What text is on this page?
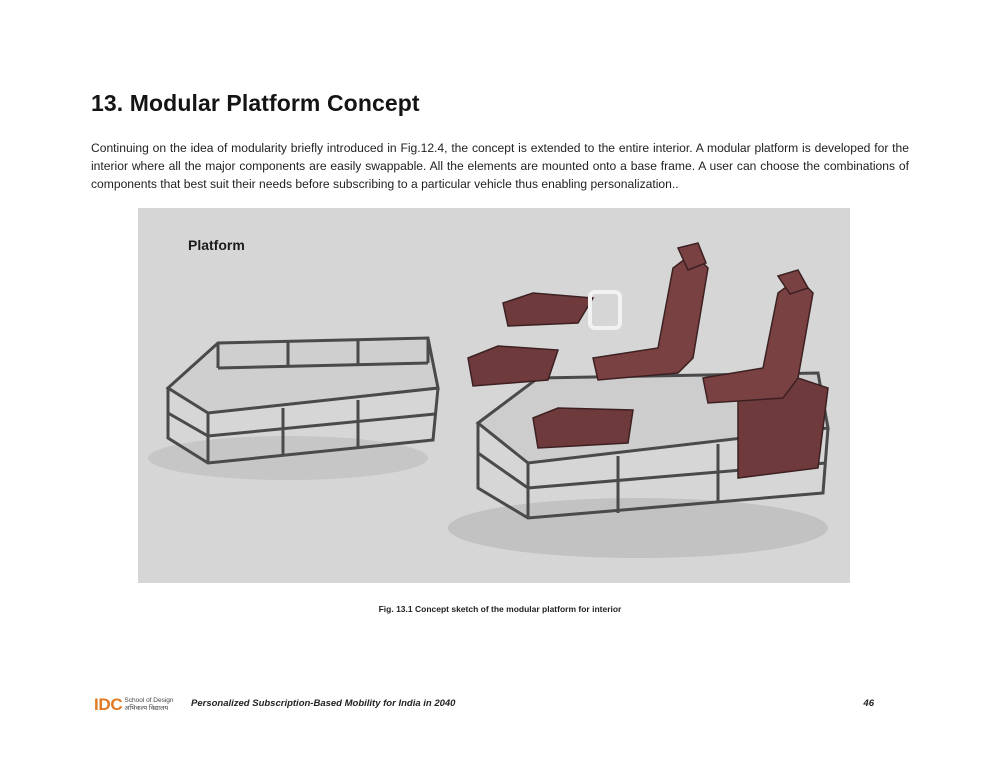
13. Modular Platform Concept

Continuing on the idea of modularity briefly introduced in Fig.12.4, the concept is extended to the entire interior. A modular platform is developed for the interior where all the major components are easily swappable. All the elements are mounted onto a base frame. A user can choose the combinations of components that best suit their needs before subscribing to a particular vehicle thus enabling personalization..

Platform
Fig. 13.1 Concept sketch of the modular platform for interior
IDC School of Design
अभिकल्प विद्यालय	Personalized Subscription-Based Mobility for India in 2040	46
